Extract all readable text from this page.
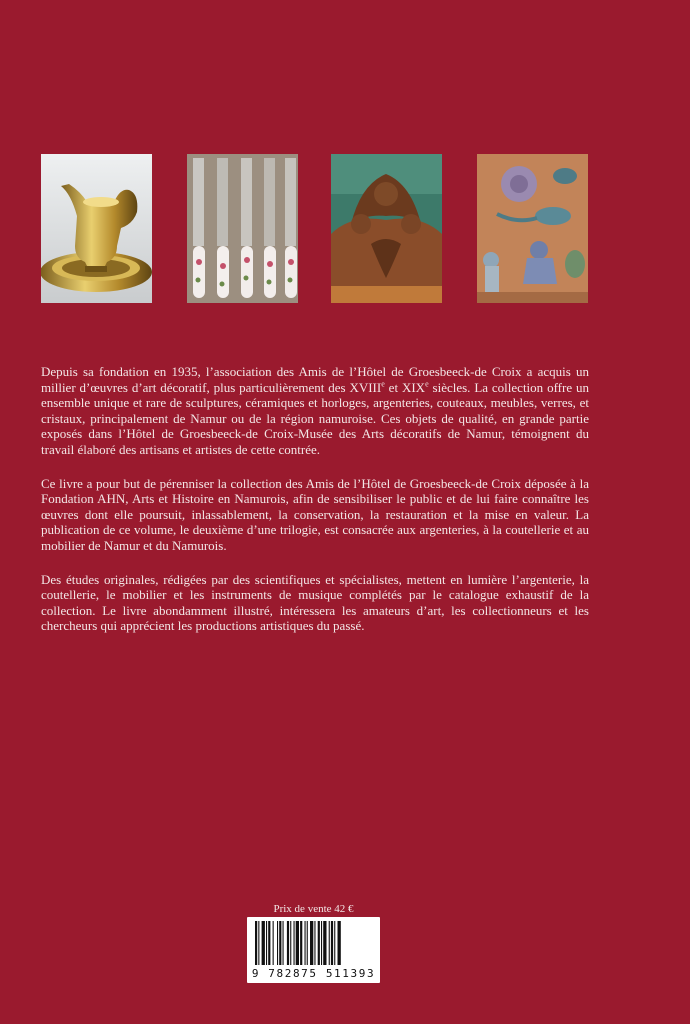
Depuis sa fondation en 1935, l’association des Amis de l’Hôtel de Groesbeeck-de Croix a acquis un millier d’œuvres d’art décoratif, plus particulièrement des XVIIIe et XIXe siècles. La collection offre un ensemble unique et rare de sculptures, céramiques et horloges, argenteries, couteaux, meubles, verres, et cristaux, principalement de Namur ou de la région namuroise. Ces objets de qualité, en grande partie exposés dans l’Hôtel de Groesbeeck-de Croix-Musée des Arts décoratifs de Namur, témoignent du travail élaboré des artisans et artistes de cette contrée.

Ce livre a pour but de pérenniser la collection des Amis de l’Hôtel de Groesbeeck-de Croix déposée à la Fondation AHN, Arts et Histoire en Namurois, afin de sensibiliser le public et de lui faire connaître les œuvres dont elle poursuit, inlassablement, la conservation, la restauration et la mise en valeur. La publication de ce volume, le deuxième d’une trilogie, est consacrée aux argenteries, à la coutellerie et au mobilier de Namur et du Namurois.

Des études originales, rédigées par des scientifiques et spécialistes, mettent en lumière l’argenterie, la coutellerie, le mobilier et les instruments de musique complétés par le catalogue exhaustif de la collection. Le livre abondamment illustré, intéressera les amateurs d’art, les collectionneurs et les chercheurs qui apprécient les productions artistiques du passé.

Prix de vente 42 €
9 782875 511393
